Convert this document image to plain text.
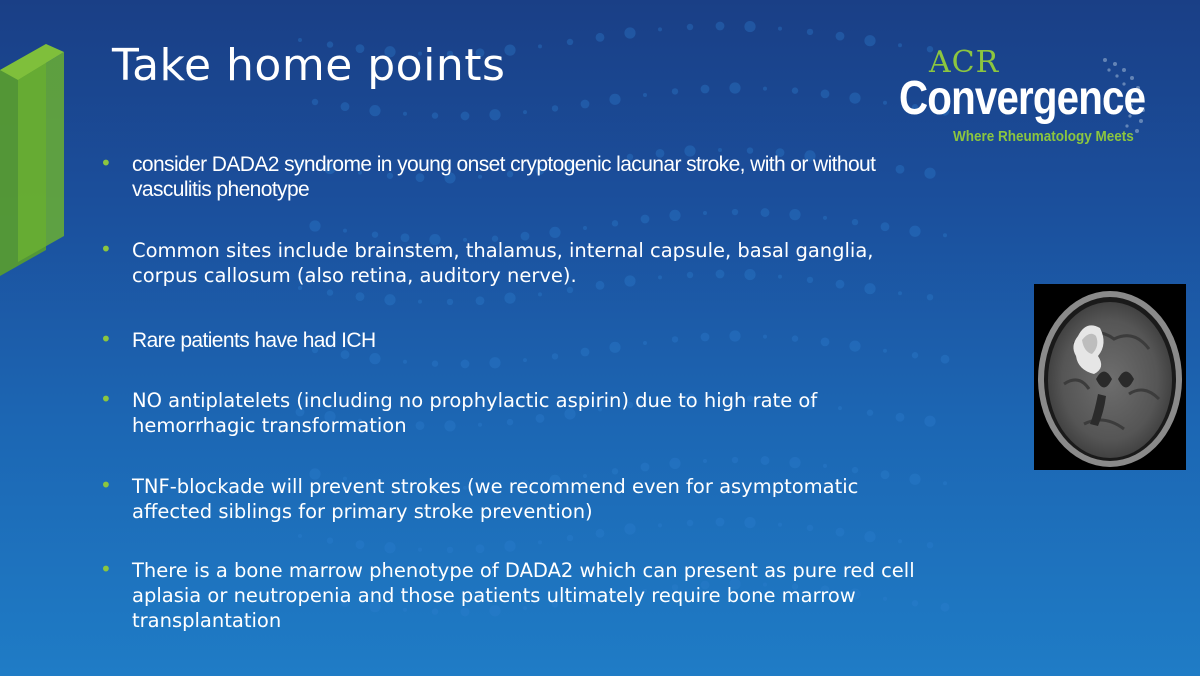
Take home points	ACR
Convergence
Where Rheumatology Meets
• consider DADA2 syndrome in young onset cryptogenic lacunar stroke, with or without
vasculitis phenotype
• Common sites include brainstem, thalamus, internal capsule, basal ganglia,
corpus callosum (also retina, auditory nerve).
• Rare patients have had ICH
• NO antiplatelets (including no prophylactic aspirin) due to high rate of
hemorrhagic transformation
• TNF-blockade will prevent strokes (we recommend even for asymptomatic
affected siblings for primary stroke prevention)
• There is a bone marrow phenotype of DADA2 which can present as pure red cell
aplasia or neutropenia and those patients ultimately require bone marrow
transplantation
